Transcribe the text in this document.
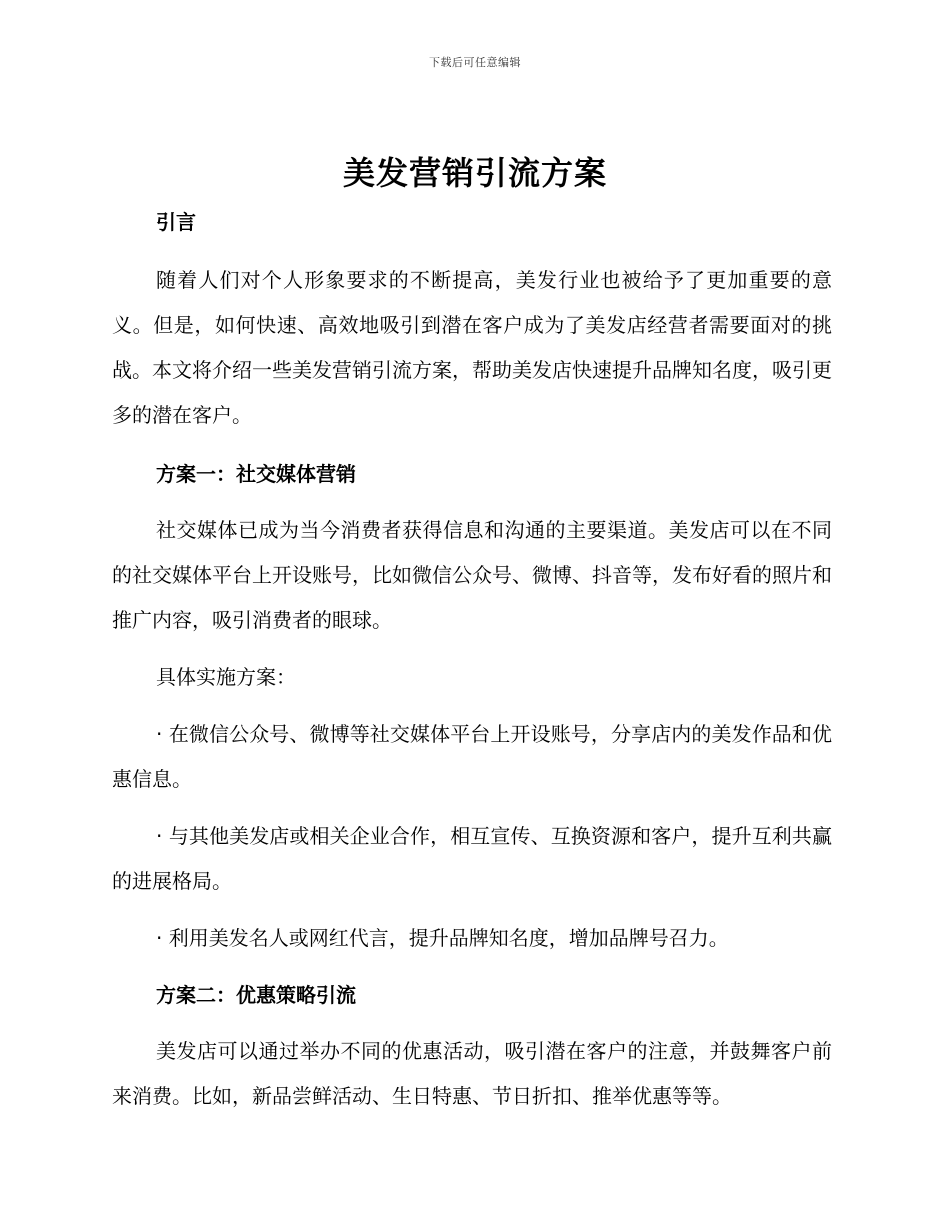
下载后可任意编辑
美发营销引流方案
引言

随着人们对个人形象要求的不断提高，美发行业也被给予了更加重要的意义。但是，如何快速、高效地吸引到潜在客户成为了美发店经营者需要面对的挑战。本文将介绍一些美发营销引流方案，帮助美发店快速提升品牌知名度，吸引更多的潜在客户。

方案一：社交媒体营销

社交媒体已成为当今消费者获得信息和沟通的主要渠道。美发店可以在不同的社交媒体平台上开设账号，比如微信公众号、微博、抖音等，发布好看的照片和推广内容，吸引消费者的眼球。

具体实施方案：

· 在微信公众号、微博等社交媒体平台上开设账号，分享店内的美发作品和优惠信息。

· 与其他美发店或相关企业合作，相互宣传、互换资源和客户，提升互利共赢的进展格局。

· 利用美发名人或网红代言，提升品牌知名度，增加品牌号召力。

方案二：优惠策略引流

美发店可以通过举办不同的优惠活动，吸引潜在客户的注意，并鼓舞客户前来消费。比如，新品尝鲜活动、生日特惠、节日折扣、推举优惠等等。
